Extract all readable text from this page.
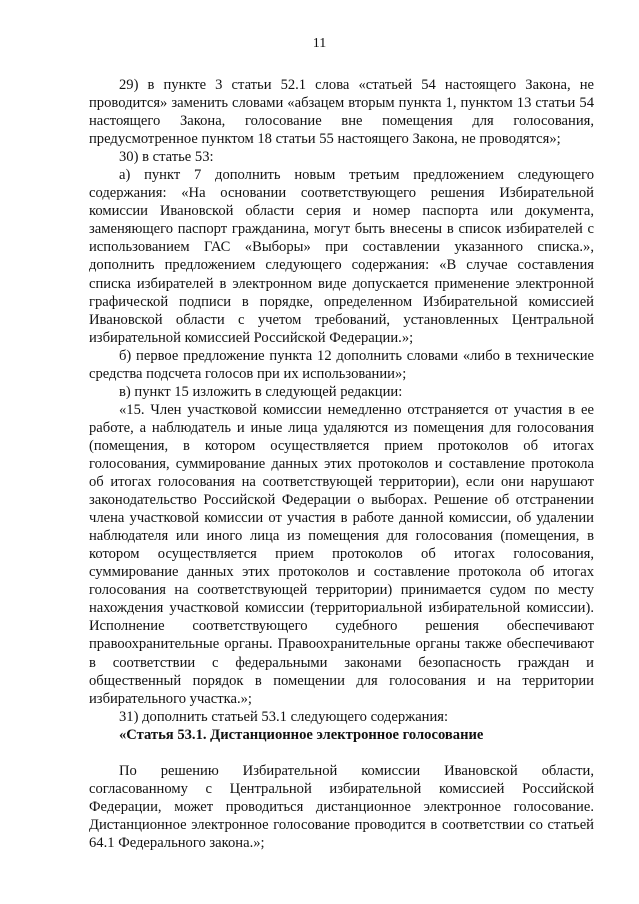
11

29) в пункте 3 статьи 52.1 слова «статьей 54 настоящего Закона, не проводится» заменить словами «абзацем вторым пункта 1, пунктом 13 статьи 54 настоящего Закона, голосование вне помещения для голосования, предусмотренное пунктом 18 статьи 55 настоящего Закона, не проводятся»;

30) в статье 53:

а) пункт 7 дополнить новым третьим предложением следующего содержания: «На основании соответствующего решения Избирательной комиссии Ивановской области серия и номер паспорта или документа, заменяющего паспорт гражданина, могут быть внесены в список избирателей с использованием ГАС «Выборы» при составлении указанного списка.», дополнить предложением следующего содержания: «В случае составления списка избирателей в электронном виде допускается применение электронной графической подписи в порядке, определенном Избирательной комиссией Ивановской области с учетом требований, установленных Центральной избирательной комиссией Российской Федерации.»;

б) первое предложение пункта 12 дополнить словами «либо в технические средства подсчета голосов при их использовании»;

в) пункт 15 изложить в следующей редакции:

«15. Член участковой комиссии немедленно отстраняется от участия в ее работе, а наблюдатель и иные лица удаляются из помещения для голосования (помещения, в котором осуществляется прием протоколов об итогах голосования, суммирование данных этих протоколов и составление протокола об итогах голосования на соответствующей территории), если они нарушают законодательство Российской Федерации о выборах. Решение об отстранении члена участковой комиссии от участия в работе данной комиссии, об удалении наблюдателя или иного лица из помещения для голосования (помещения, в котором осуществляется прием протоколов об итогах голосования, суммирование данных этих протоколов и составление протокола об итогах голосования на соответствующей территории) принимается судом по месту нахождения участковой комиссии (территориальной избирательной комиссии). Исполнение соответствующего судебного решения обеспечивают правоохранительные органы. Правоохранительные органы также обеспечивают в соответствии с федеральными законами безопасность граждан и общественный порядок в помещении для голосования и на территории избирательного участка.»;

31) дополнить статьей 53.1 следующего содержания:

«Статья 53.1. Дистанционное электронное голосование

По решению Избирательной комиссии Ивановской области, согласованному с Центральной избирательной комиссией Российской Федерации, может проводиться дистанционное электронное голосование. Дистанционное электронное голосование проводится в соответствии со статьей 64.1 Федерального закона.»;
